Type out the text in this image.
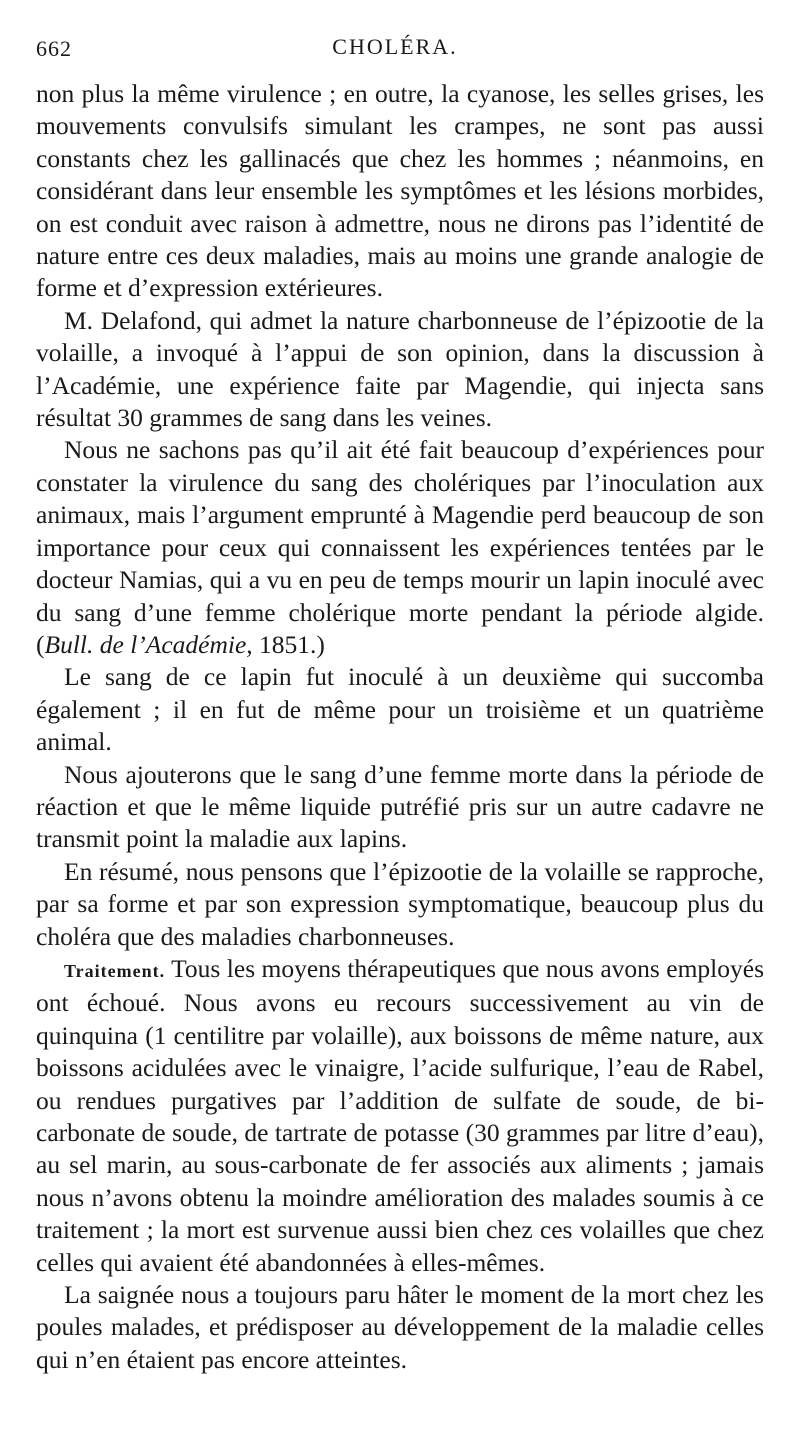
662	CHOLÉRA.

non plus la même virulence ; en outre, la cyanose, les selles grises, les mouvements convulsifs simulant les crampes, ne sont pas aussi constants chez les gallinacés que chez les hommes ; néanmoins, en considérant dans leur ensemble les symptômes et les lésions morbides, on est conduit avec raison à admettre, nous ne dirons pas l’identité de nature entre ces deux maladies, mais au moins une grande analogie de forme et d’expression extérieures.

M. Delafond, qui admet la nature charbonneuse de l’épizootie de la volaille, a invoqué à l’appui de son opinion, dans la discussion à l’Académie, une expérience faite par Magendie, qui injecta sans résultat 30 grammes de sang dans les veines.

Nous ne sachons pas qu’il ait été fait beaucoup d’expériences pour constater la virulence du sang des cholériques par l’inoculation aux animaux, mais l’argument emprunté à Magendie perd beaucoup de son importance pour ceux qui connaissent les expériences tentées par le docteur Namias, qui a vu en peu de temps mourir un lapin inoculé avec du sang d’une femme cholérique morte pendant la période algide. (Bull. de l’Académie, 1851.)

Le sang de ce lapin fut inoculé à un deuxième qui succomba également ; il en fut de même pour un troisième et un quatrième animal.

Nous ajouterons que le sang d’une femme morte dans la période de réaction et que le même liquide putréfié pris sur un autre cadavre ne transmit point la maladie aux lapins.

En résumé, nous pensons que l’épizootie de la volaille se rapproche, par sa forme et par son expression symptomatique, beaucoup plus du choléra que des maladies charbonneuses.

Traitement. Tous les moyens thérapeutiques que nous avons employés ont échoué. Nous avons eu recours successivement au vin de quinquina (1 centilitre par volaille), aux boissons de même nature, aux boissons acidulées avec le vinaigre, l’acide sulfurique, l’eau de Rabel, ou rendues purgatives par l’addition de sulfate de soude, de bi-carbonate de soude, de tartrate de potasse (30 grammes par litre d’eau), au sel marin, au sous-carbonate de fer associés aux aliments ; jamais nous n’avons obtenu la moindre amélioration des malades soumis à ce traitement ; la mort est survenue aussi bien chez ces volailles que chez celles qui avaient été abandonnées à elles-mêmes.

La saignée nous a toujours paru hâter le moment de la mort chez les poules malades, et prédisposer au développement de la maladie celles qui n’en étaient pas encore atteintes.
